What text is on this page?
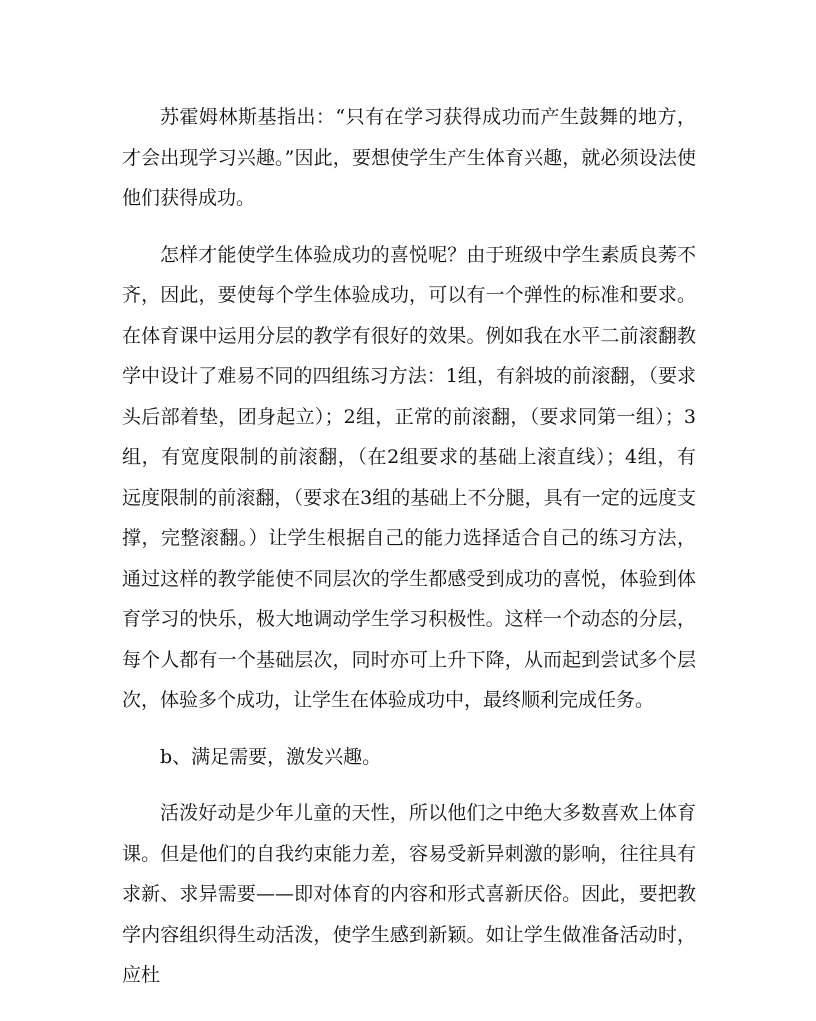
苏霍姆林斯基指出：“只有在学习获得成功而产生鼓舞的地方，才会出现学习兴趣。”因此，要想使学生产生体育兴趣，就必须设法使他们获得成功。

怎样才能使学生体验成功的喜悦呢？由于班级中学生素质良莠不齐，因此，要使每个学生体验成功，可以有一个弹性的标准和要求。在体育课中运用分层的教学有很好的效果。例如我在水平二前滚翻教学中设计了难易不同的四组练习方法：1组，有斜坡的前滚翻，（要求头后部着垫，团身起立）；2组，正常的前滚翻，（要求同第一组）；3组，有宽度限制的前滚翻，（在2组要求的基础上滚直线）；4组，有远度限制的前滚翻，（要求在3组的基础上不分腿，具有一定的远度支撑，完整滚翻。）让学生根据自己的能力选择适合自己的练习方法，通过这样的教学能使不同层次的学生都感受到成功的喜悦，体验到体育学习的快乐，极大地调动学生学习积极性。这样一个动态的分层，每个人都有一个基础层次，同时亦可上升下降，从而起到尝试多个层次，体验多个成功，让学生在体验成功中，最终顺利完成任务。

b、满足需要，激发兴趣。

活泼好动是少年儿童的天性，所以他们之中绝大多数喜欢上体育课。但是他们的自我约束能力差，容易受新异刺激的影响，往往具有求新、求异需要——即对体育的内容和形式喜新厌俗。因此，要把教学内容组织得生动活泼，使学生感到新颖。如让学生做准备活动时，应杜
